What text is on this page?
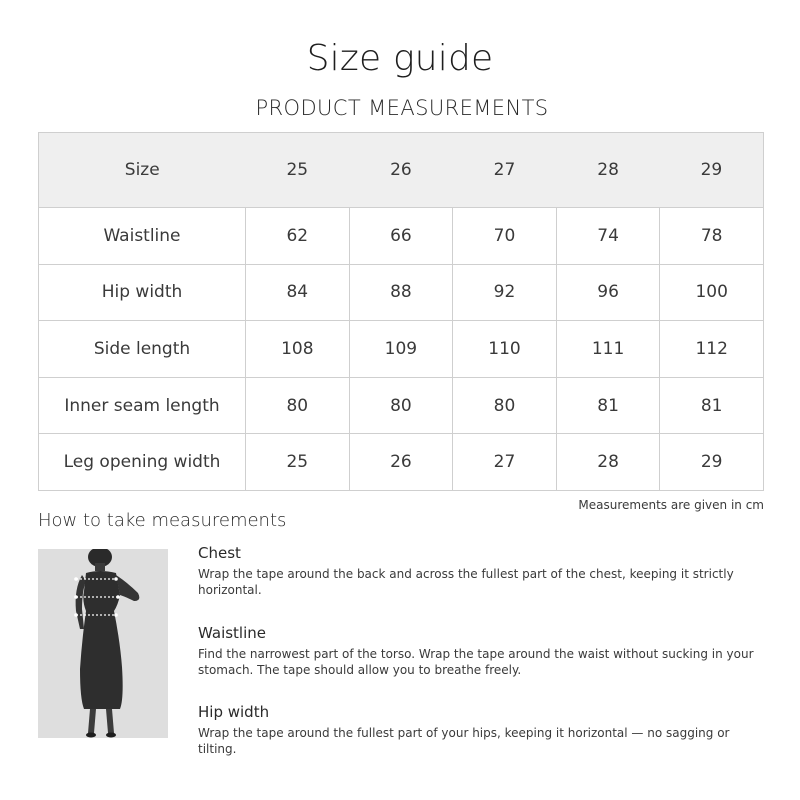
Size guide
PRODUCT MEASUREMENTS
Size	25	26	27	28	29
Waistline	62	66	70	74	78
Hip width	84	88	92	96	100
Side length	108	109	110	111	112
Inner seam length	80	80	80	81	81
Leg opening width	25	26	27	28	29
Measurements are given in cm
How to take measurements
Chest

Wrap the tape around the back and across the fullest part of the chest, keeping it strictly horizontal.

Waistline

Find the narrowest part of the torso. Wrap the tape around the waist without sucking in your stomach. The tape should allow you to breathe freely.

Hip width

Wrap the tape around the fullest part of your hips, keeping it horizontal — no sagging or tilting.
